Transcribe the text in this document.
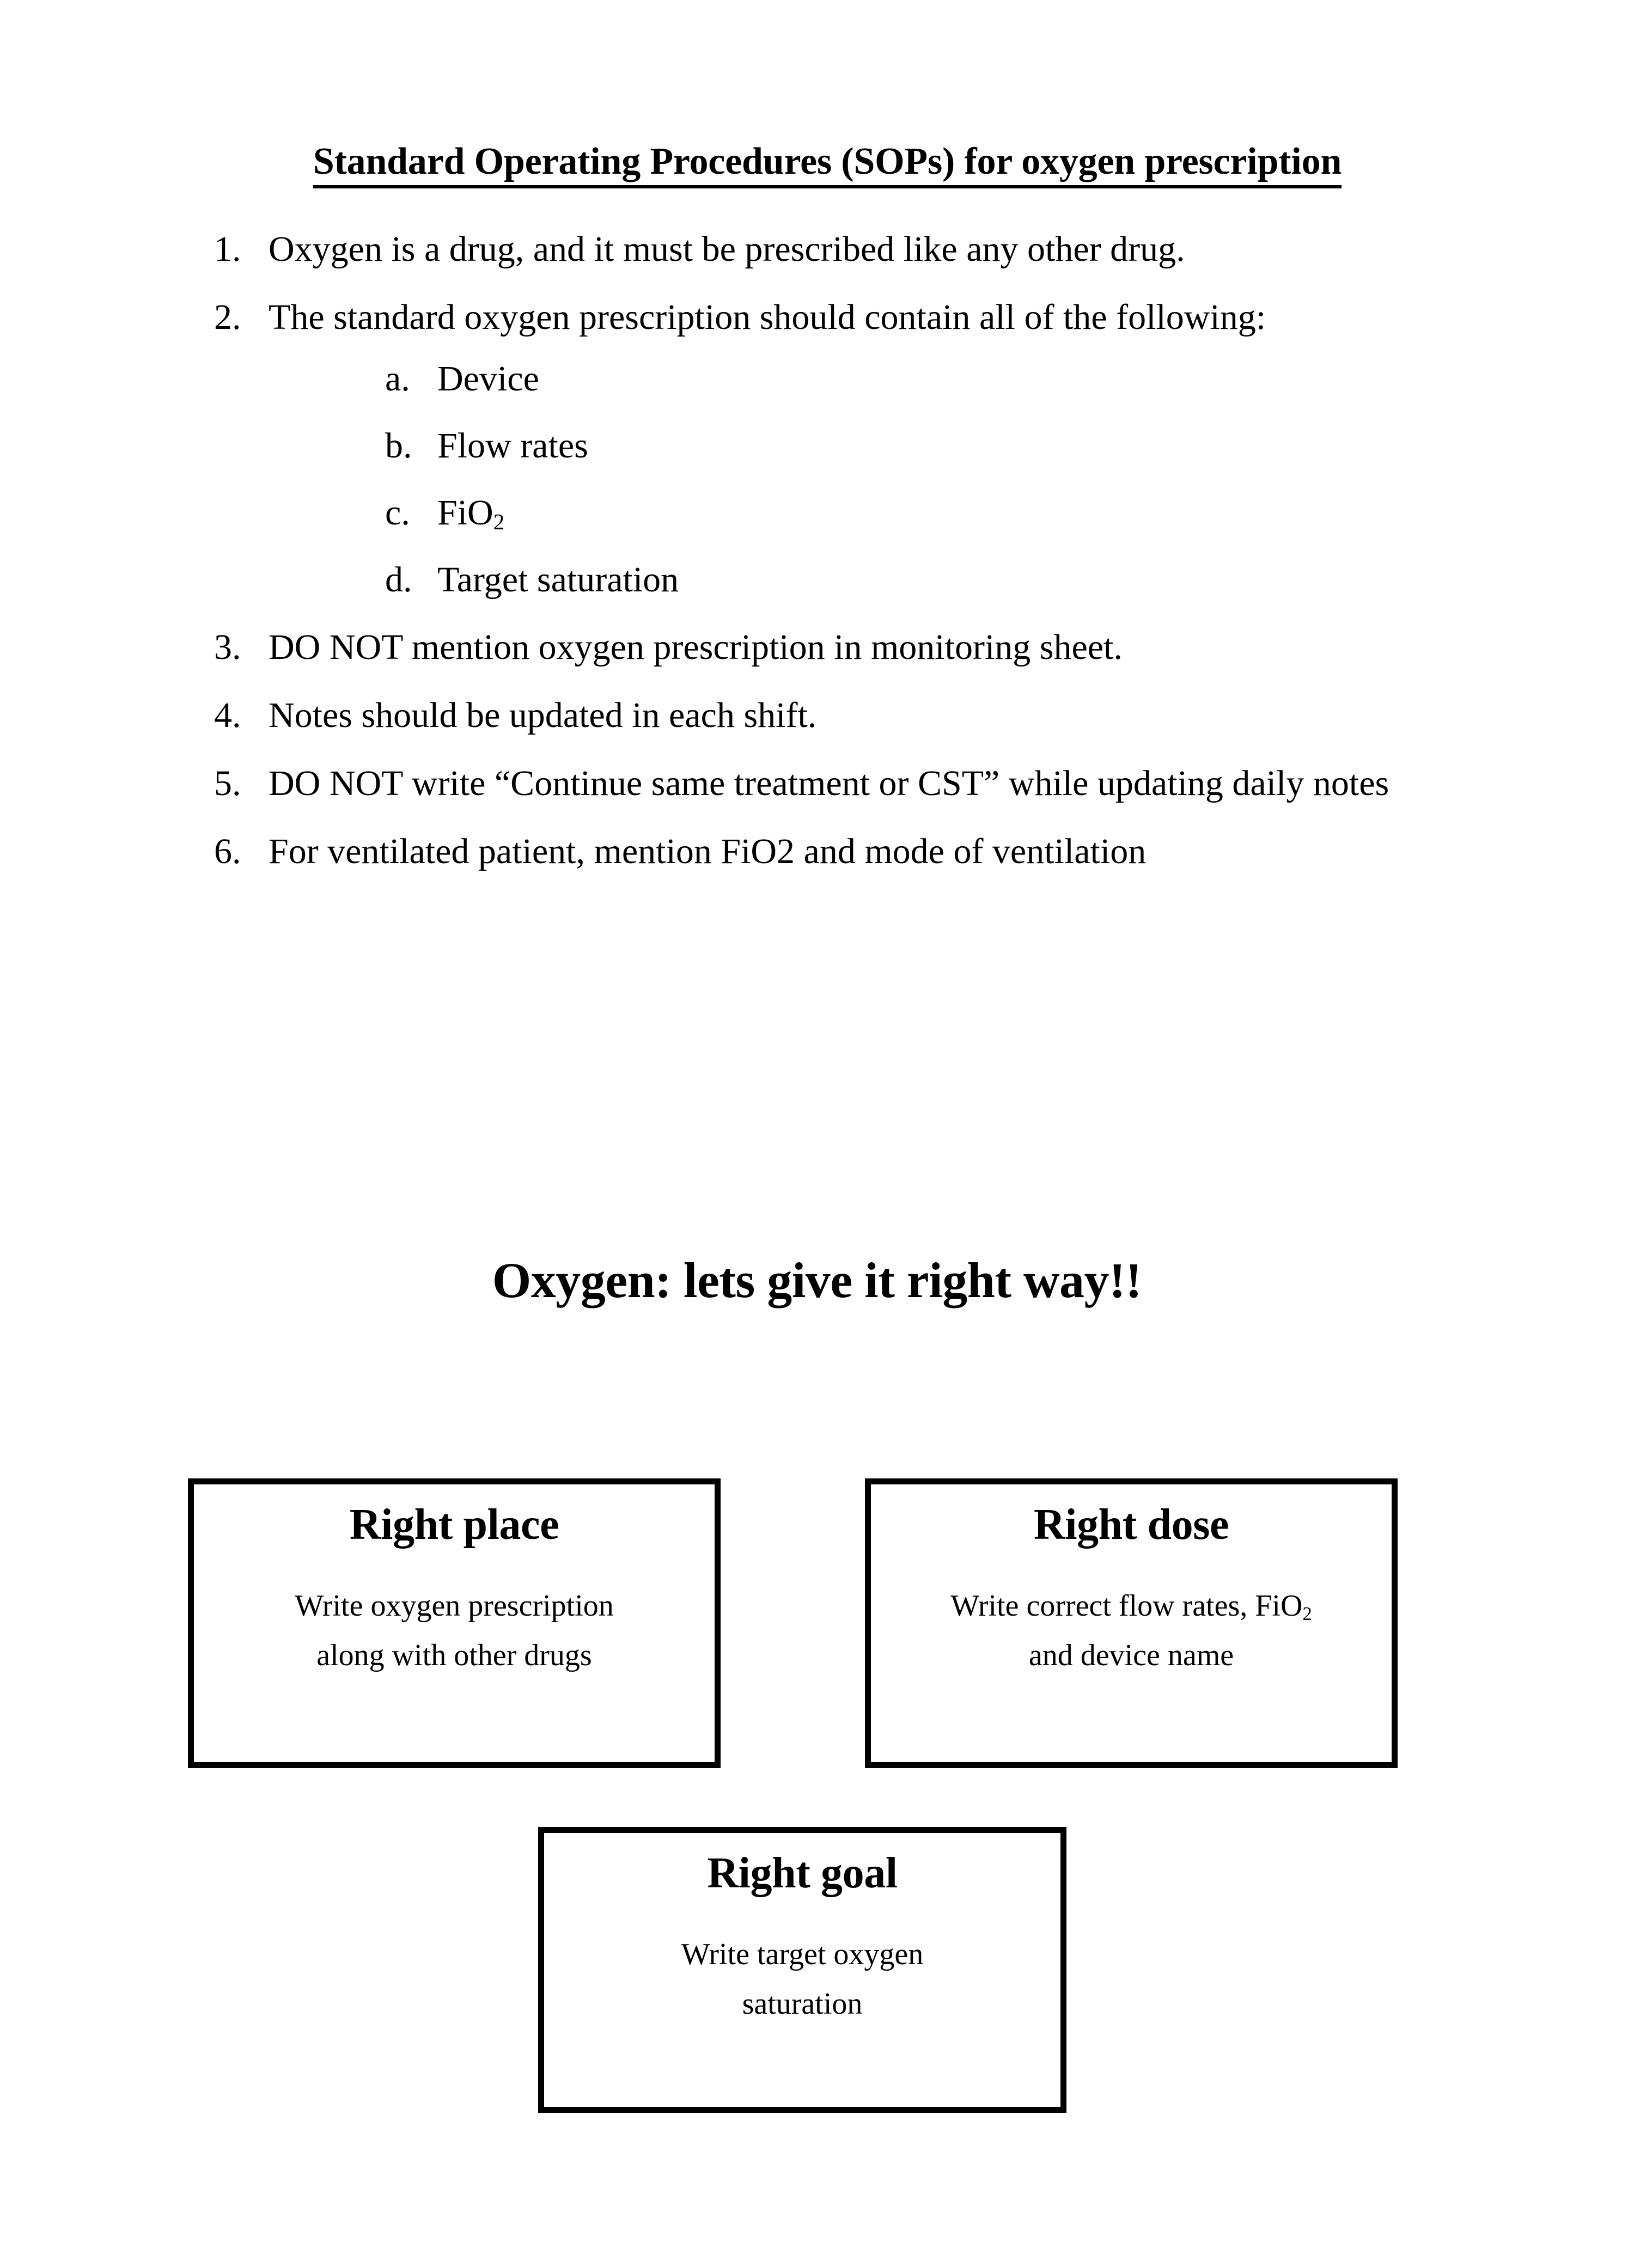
Standard Operating Procedures (SOPs) for oxygen prescription
1. Oxygen is a drug, and it must be prescribed like any other drug.
2. The standard oxygen prescription should contain all of the following:
a. Device
b. Flow rates
c. FiO$_2$
d. Target saturation
3. DO NOT mention oxygen prescription in monitoring sheet.
4. Notes should be updated in each shift.
5. DO NOT write “Continue same treatment or CST” while updating daily notes
6. For ventilated patient, mention FiO2 and mode of ventilation
Oxygen: lets give it right way!!
Right place
Write oxygen prescription
along with other drugs
Right dose
Write correct flow rates, FiO$_2$
and device name
Right goal
Write target oxygen
saturation
